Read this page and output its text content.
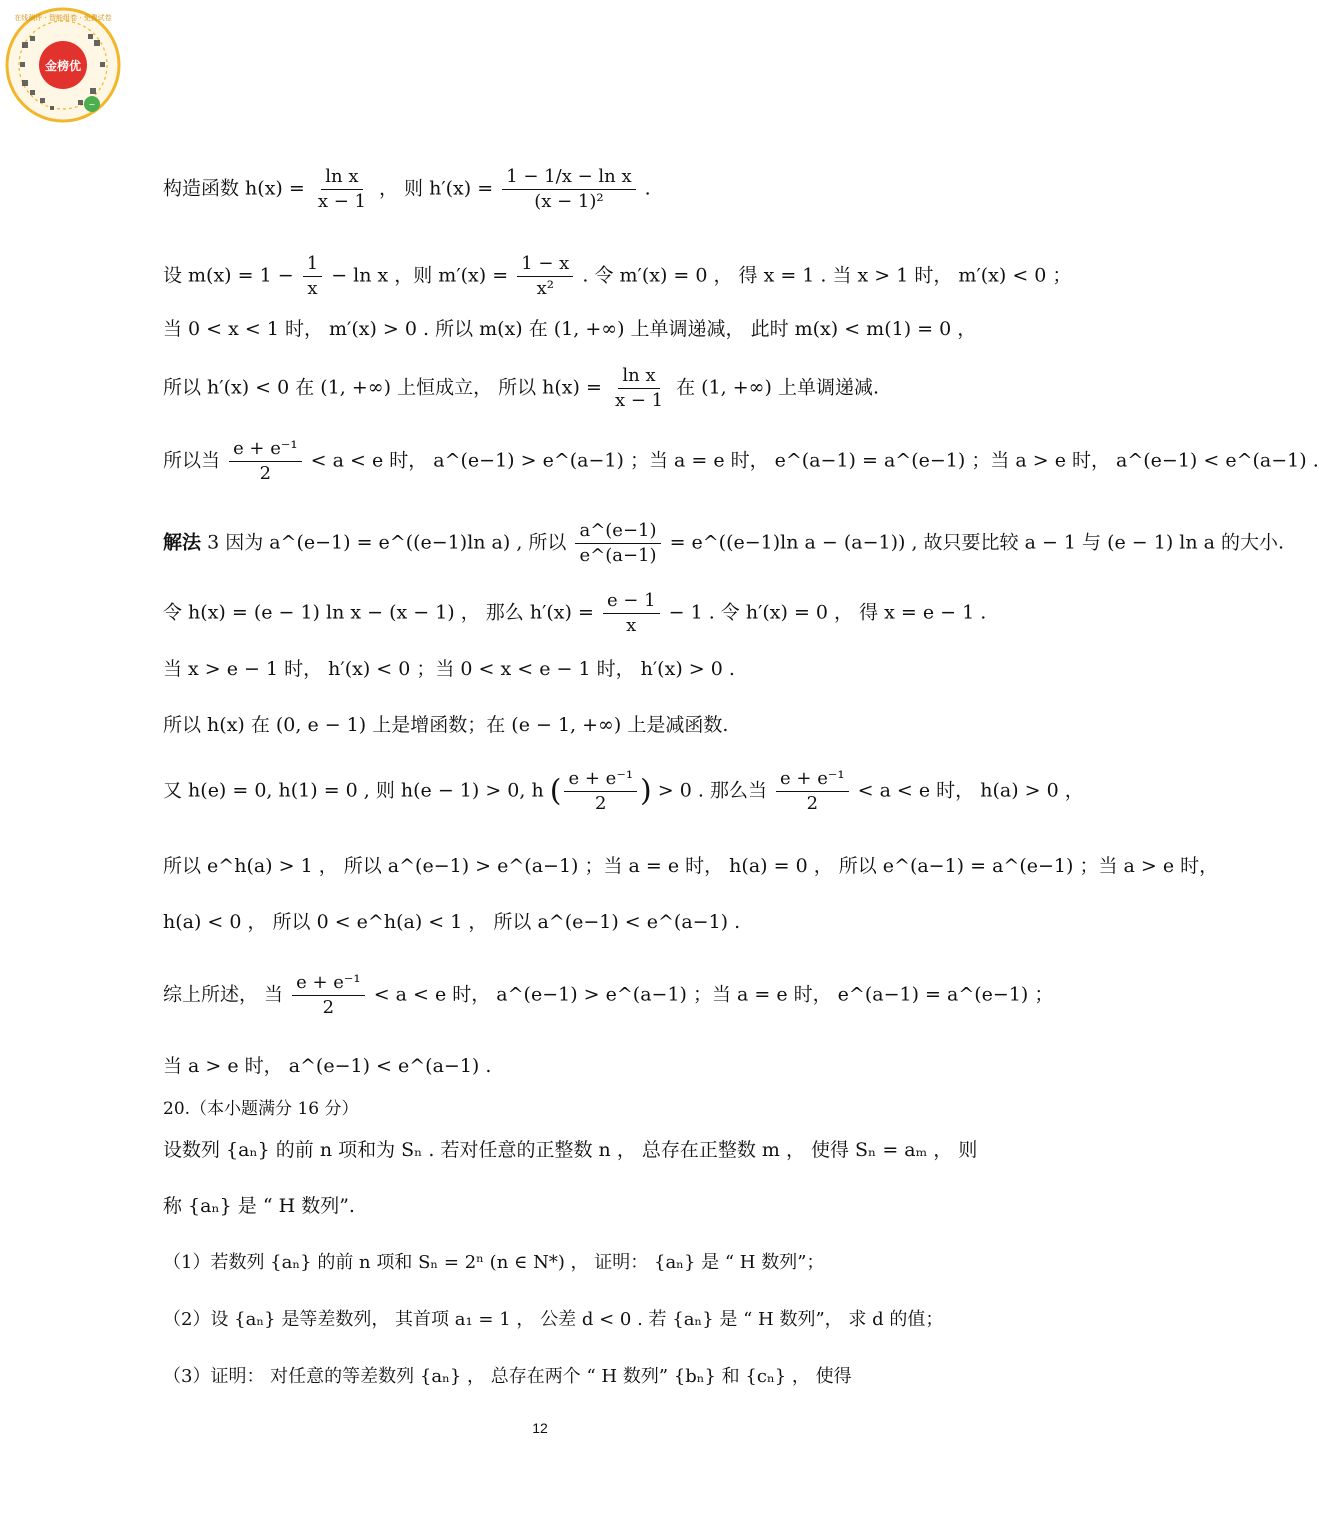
金榜优
在线测评 · 智能组卷 · 免费试卷
∽
构造函数 $h(x) = \frac{\text{ln x}}{x - 1}$ ， 则 $h'(x) = \frac{\text{1 − 1/x − ln x}}{\text{(x − 1)²}}$ .
设 $m(x) = 1 - \frac{1}{x} - \ln x$ ，则 $m'(x) = \frac{1 - x}{\text{x²}}$ . 令 m′(x) = 0 ， 得 x = 1 . 当 x > 1 时， m′(x) < 0 ；
当 0 < x < 1 时， m′(x) > 0 . 所以 m(x) 在 (1, +∞) 上单调递减， 此时 m(x) < m(1) = 0 ，
所以 h′(x) < 0 在 (1, +∞) 上恒成立， 所以 $h(x) = \frac{\text{ln x}}{x - 1}$ 在 (1, +∞) 上单调递减.
所以当 $\frac{\text{e + e⁻¹}}{2} < a < e$ 时， a^(e−1) > e^(a−1) ；当 a = e 时， e^(a−1) = a^(e−1) ；当 a > e 时， a^(e−1) < e^(a−1) .
解法 3 因为 a^(e−1) = e^((e−1)ln a) , 所以 $\frac{a\^{}(e-1)}{e\^{}(a-1)}$ = e^((e−1)ln a − (a−1)) , 故只要比较 a − 1 与 (e − 1) ln a 的大小.
令 h(x) = (e − 1) ln x − (x − 1) ， 那么 $h'(x) = \frac{e - 1}{x} - 1$ . 令 h′(x) = 0 ， 得 x = e − 1 .
当 x > e − 1 时， h′(x) < 0 ；当 0 < x < e − 1 时， h′(x) > 0 .
所以 h(x) 在 (0, e − 1) 上是增函数；在 (e − 1, +∞) 上是减函数.
又 h(e) = 0, h(1) = 0 , 则 h(e − 1) > 0, h ( $\frac{\text{e + e⁻¹}}{2}$ ) > 0 . 那么当 $\frac{\text{e + e⁻¹}}{2} < a < e$ 时， h(a) > 0 ，
所以 e^h(a) > 1 ， 所以 a^(e−1) > e^(a−1) ；当 a = e 时， h(a) = 0 ， 所以 e^(a−1) = a^(e−1) ；当 a > e 时，
h(a) < 0 ， 所以 0 < e^h(a) < 1 ， 所以 a^(e−1) < e^(a−1) .
综上所述， 当 $\frac{\text{e + e⁻¹}}{2} < a < e$ 时， a^(e−1) > e^(a−1) ；当 a = e 时， e^(a−1) = a^(e−1) ；
当 a > e 时， a^(e−1) < e^(a−1) .
20.（本小题满分 16 分）
设数列 {aₙ} 的前 n 项和为 Sₙ . 若对任意的正整数 n ， 总存在正整数 m ， 使得 Sₙ = aₘ ， 则
称 {aₙ} 是 “ H 数列”.
（1）若数列 {aₙ} 的前 n 项和 Sₙ = 2ⁿ (n ∈ N*) ， 证明： {aₙ} 是 “ H 数列”；
（2）设 {aₙ} 是等差数列， 其首项 a₁ = 1 ， 公差 d < 0 . 若 {aₙ} 是 “ H 数列”， 求 d 的值；
（3）证明： 对任意的等差数列 {aₙ} ， 总存在两个 “ H 数列” {bₙ} 和 {cₙ} ， 使得
12
